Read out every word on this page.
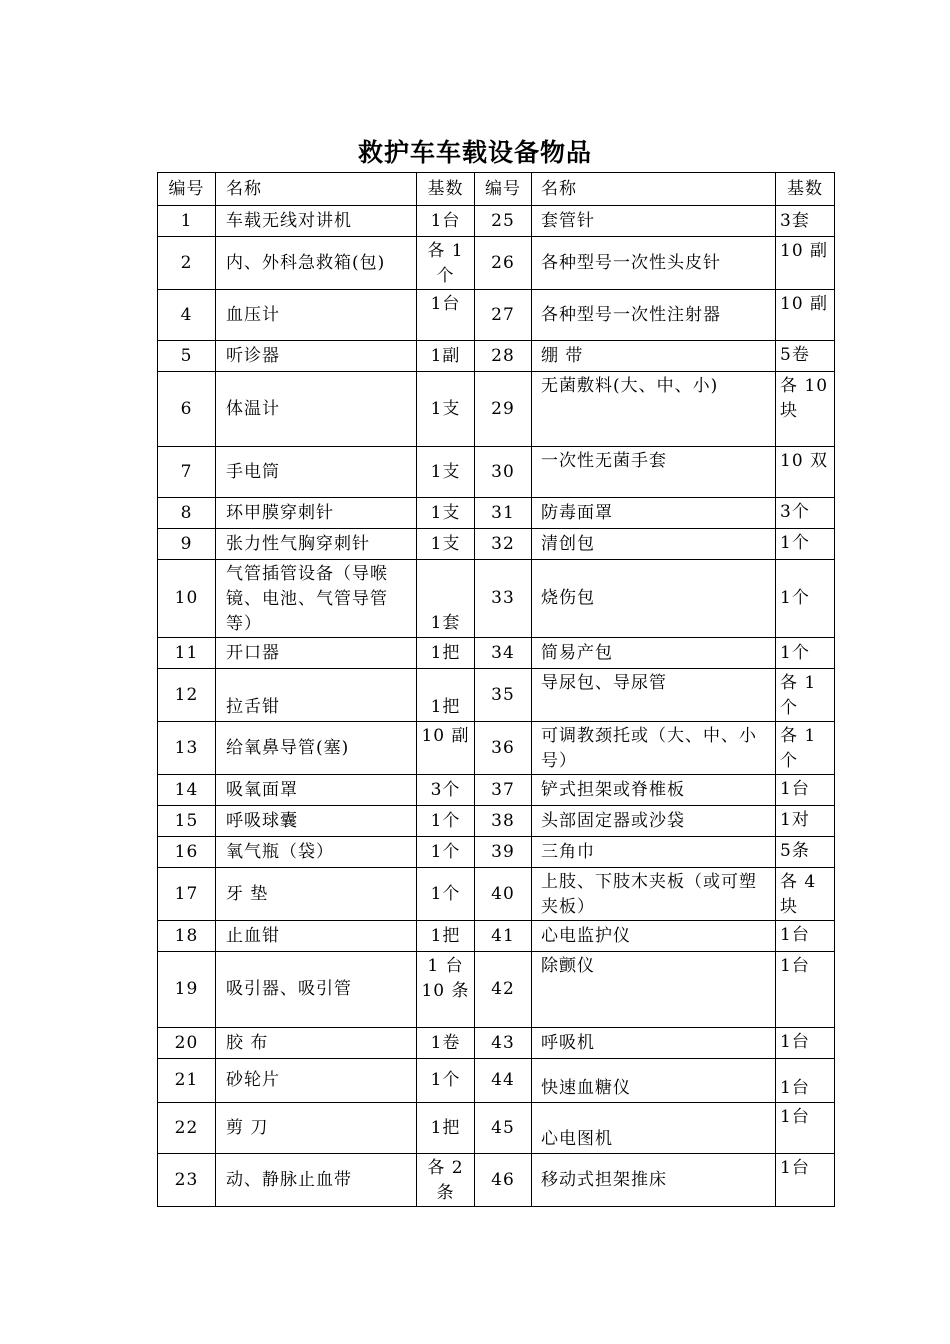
救护车车载设备物品
编号	名称	基数	编号	名称	基数
1	车载无线对讲机	1台	25	套管针	3套
2	内、外科急救箱(包)	各 1 个	26	各种型号一次性头皮针	10 副
4	血压计	1台	27	各种型号一次性注射器	10 副
5	听诊器	1副	28	绷 带	5卷
6	体温计	1支	29	无菌敷料(大、中、小)	各 10 块
7	手电筒	1支	30	一次性无菌手套	10 双
8	环甲膜穿刺针	1支	31	防毒面罩	3个
9	张力性气胸穿刺针	1支	32	清创包	1个
10	气管插管设备（导喉镜、电池、气管导管等）	1套	33	烧伤包	1个
11	开口器	1把	34	简易产包	1个
12	拉舌钳	1把	35	导尿包、导尿管	各 1 个
13	给氧鼻导管(塞)	10 副	36	可调教颈托或（大、中、小号）	各 1 个
14	吸氧面罩	3个	37	铲式担架或脊椎板	1台
15	呼吸球囊	1个	38	头部固定器或沙袋	1对
16	氧气瓶（袋）	1个	39	三角巾	5条
17	牙 垫	1个	40	上肢、下肢木夹板（或可塑夹板）	各 4 块
18	止血钳	1把	41	心电监护仪	1台
19	吸引器、吸引管	1 台 10 条	42	除颤仪	1台
20	胶 布	1卷	43	呼吸机	1台
21	砂轮片	1个	44	快速血糖仪	1台
22	剪 刀	1把	45	心电图机	1台
23	动、静脉止血带	各 2 条	46	移动式担架推床	1台
